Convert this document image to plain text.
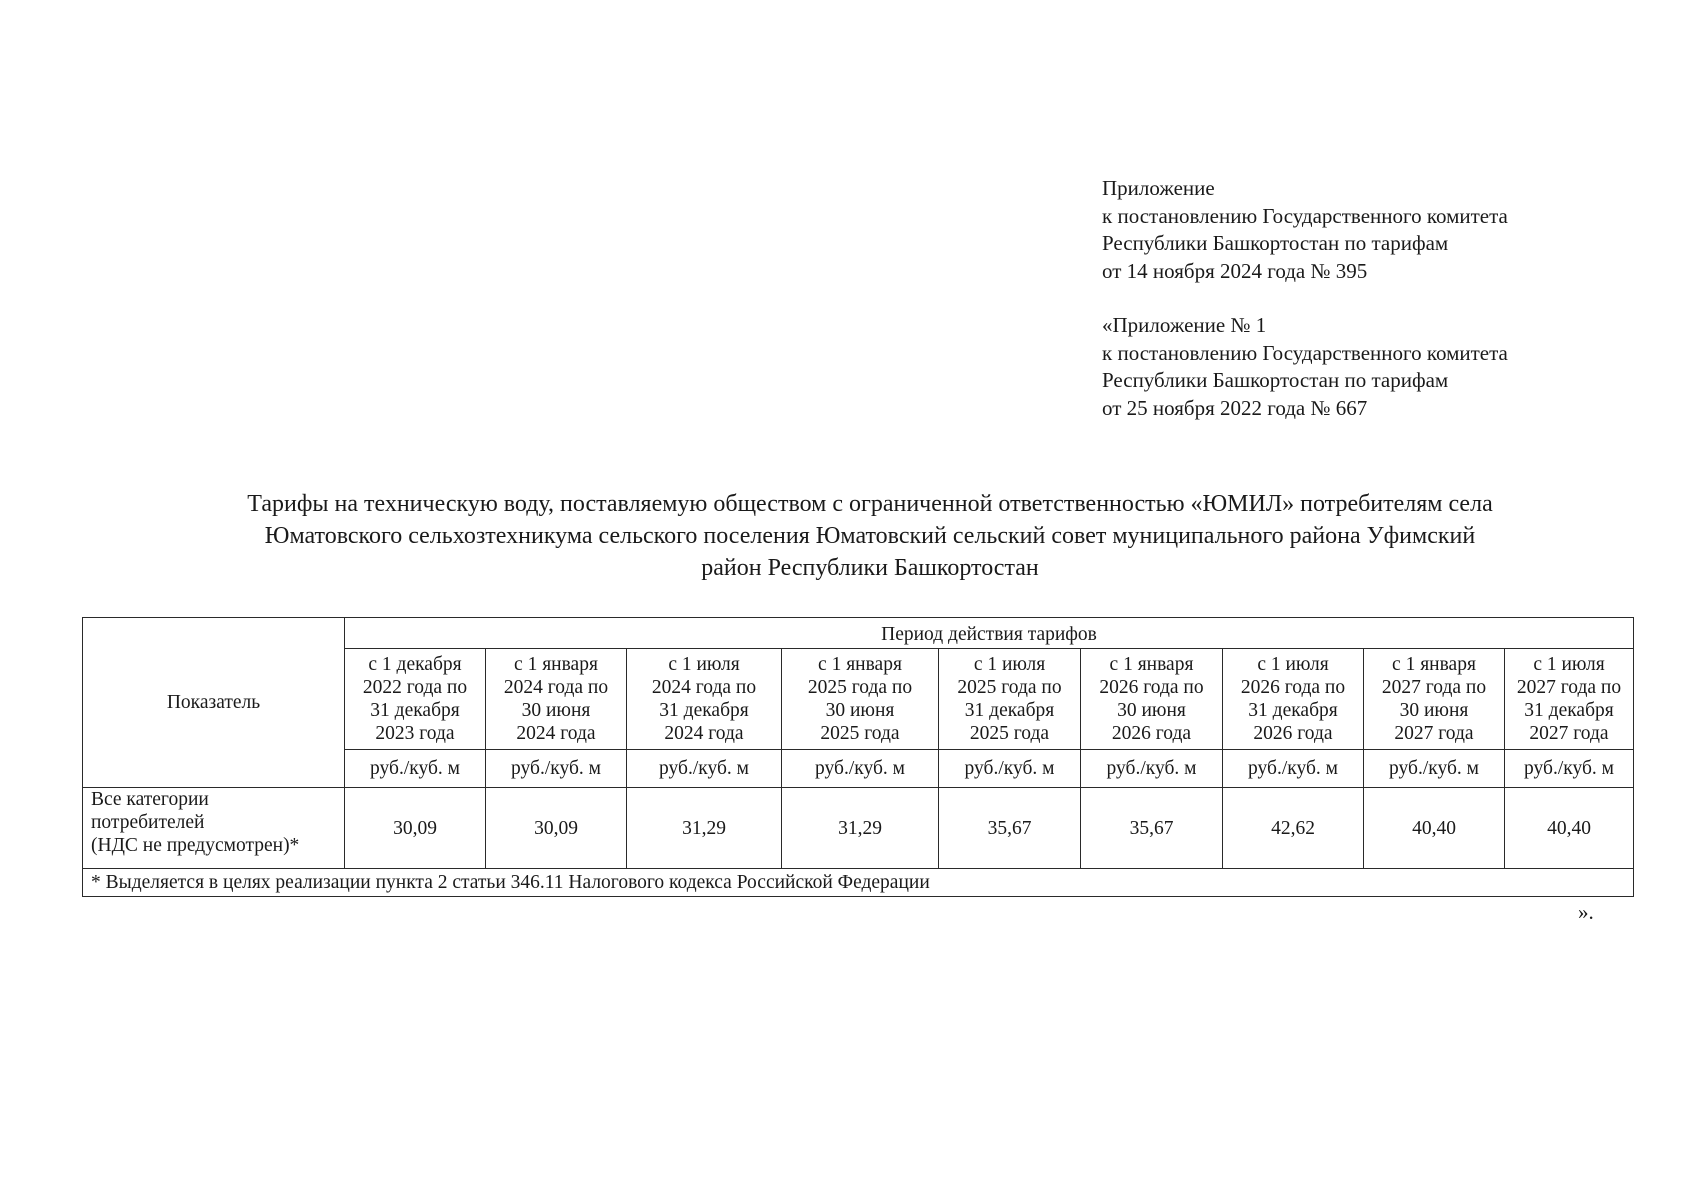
Приложение
к постановлению Государственного комитета
Республики Башкортостан по тарифам
от 14 ноября 2024 года № 395

«Приложение № 1
к постановлению Государственного комитета
Республики Башкортостан по тарифам
от 25 ноября 2022 года № 667

Тарифы на техническую воду, поставляемую обществом с ограниченной ответственностью «ЮМИЛ» потребителям села
Юматовского сельхозтехникума сельского поселения Юматовский сельский совет муниципального района Уфимский
район Республики Башкортостан
Показатель	Период действия тарифов								

	с 1 декабря
2022 года по
31 декабря
2023 года	с 1 января
2024 года по
30 июня
2024 года	с 1 июля
2024 года по
31 декабря
2024 года	с 1 января
2025 года по
30 июня
2025 года	с 1 июля
2025 года по
31 декабря
2025 года	с 1 января
2026 года по
30 июня
2026 года	с 1 июля
2026 года по
31 декабря
2026 года	с 1 января
2027 года по
30 июня
2027 года	с 1 июля
2027 года по
31 декабря
2027 года

	руб./куб. м	руб./куб. м	руб./куб. м	руб./куб. м	руб./куб. м	руб./куб. м	руб./куб. м	руб./куб. м	руб./куб. м

Все категории
потребителей
(НДС не предусмотрен)*	30,09	30,09	31,29	31,29	35,67	35,67	42,62	40,40	40,40
* Выделяется в целях реализации пункта 2 статьи 346.11 Налогового кодекса Российской Федерации									
».
